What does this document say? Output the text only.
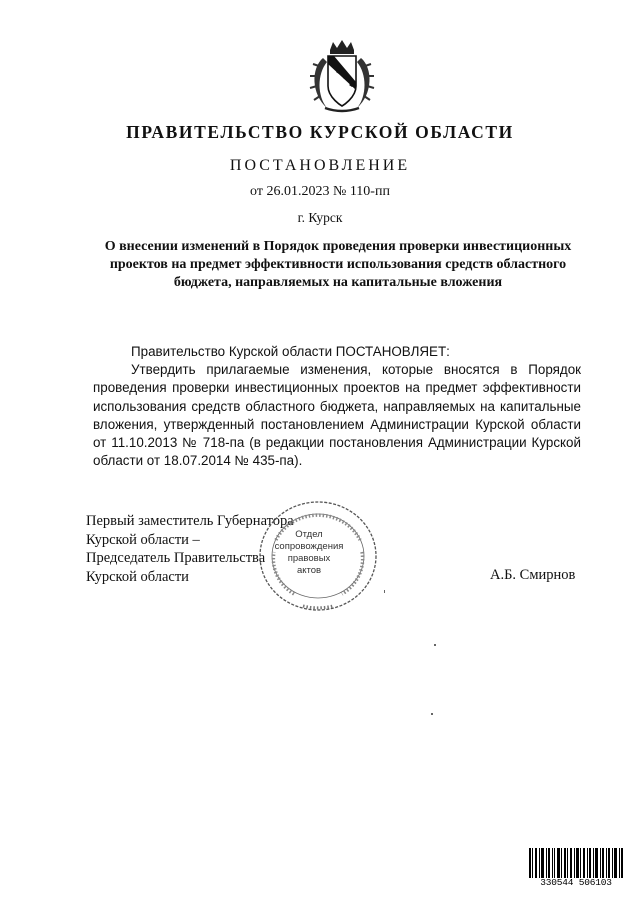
ПРАВИТЕЛЬСТВО КУРСКОЙ ОБЛАСТИ
ПОСТАНОВЛЕНИЕ
от 26.01.2023 № 110-пп
г. Курск
О внесении изменений в Порядок проведения проверки инвестиционных проектов на предмет эффективности использования средств областного бюджета, направляемых на капитальные вложения

Правительство Курской области ПОСТАНОВЛЯЕТ:

Утвердить прилагаемые изменения, которые вносятся в Порядок проведения проверки инвестиционных проектов на предмет эффективности использования средств областного бюджета, направляемых на капитальные вложения, утвержденный постановлением Администрации Курской области от 11.10.2013 № 718-па (в редакции постановления Администрации Курской области от 18.07.2014 № 435-па).

Первый заместитель Губернатора
Курской области –
Председатель Правительства
Курской области
Отдел
сопровождения
правовых
актов	А.Б. Смирнов
330544 506103
